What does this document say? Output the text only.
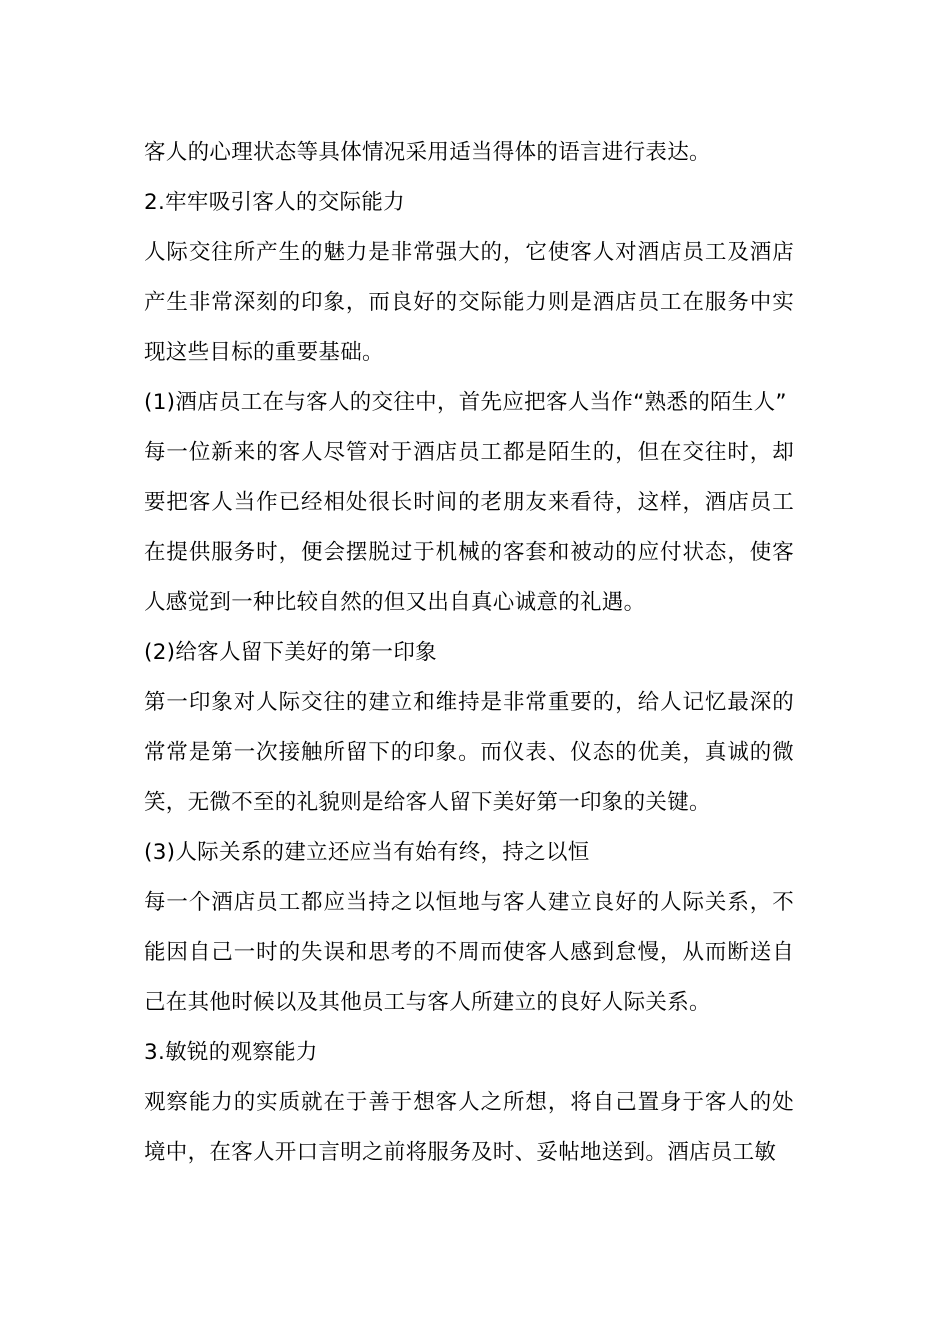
客人的心理状态等具体情况采用适当得体的语言进行表达。

2.牢牢吸引客人的交际能力

人际交往所产生的魅力是非常强大的，它使客人对酒店员工及酒店产生非常深刻的印象，而良好的交际能力则是酒店员工在服务中实现这些目标的重要基础。

(1)酒店员工在与客人的交往中，首先应把客人当作“熟悉的陌生人”

每一位新来的客人尽管对于酒店员工都是陌生的，但在交往时，却要把客人当作已经相处很长时间的老朋友来看待，这样，酒店员工在提供服务时，便会摆脱过于机械的客套和被动的应付状态，使客人感觉到一种比较自然的但又出自真心诚意的礼遇。

(2)给客人留下美好的第一印象

第一印象对人际交往的建立和维持是非常重要的，给人记忆最深的常常是第一次接触所留下的印象。而仪表、仪态的优美，真诚的微笑，无微不至的礼貌则是给客人留下美好第一印象的关键。

(3)人际关系的建立还应当有始有终，持之以恒

每一个酒店员工都应当持之以恒地与客人建立良好的人际关系，不能因自己一时的失误和思考的不周而使客人感到怠慢，从而断送自己在其他时候以及其他员工与客人所建立的良好人际关系。

3.敏锐的观察能力

观察能力的实质就在于善于想客人之所想，将自己置身于客人的处境中，在客人开口言明之前将服务及时、妥帖地送到。酒店员工敏
